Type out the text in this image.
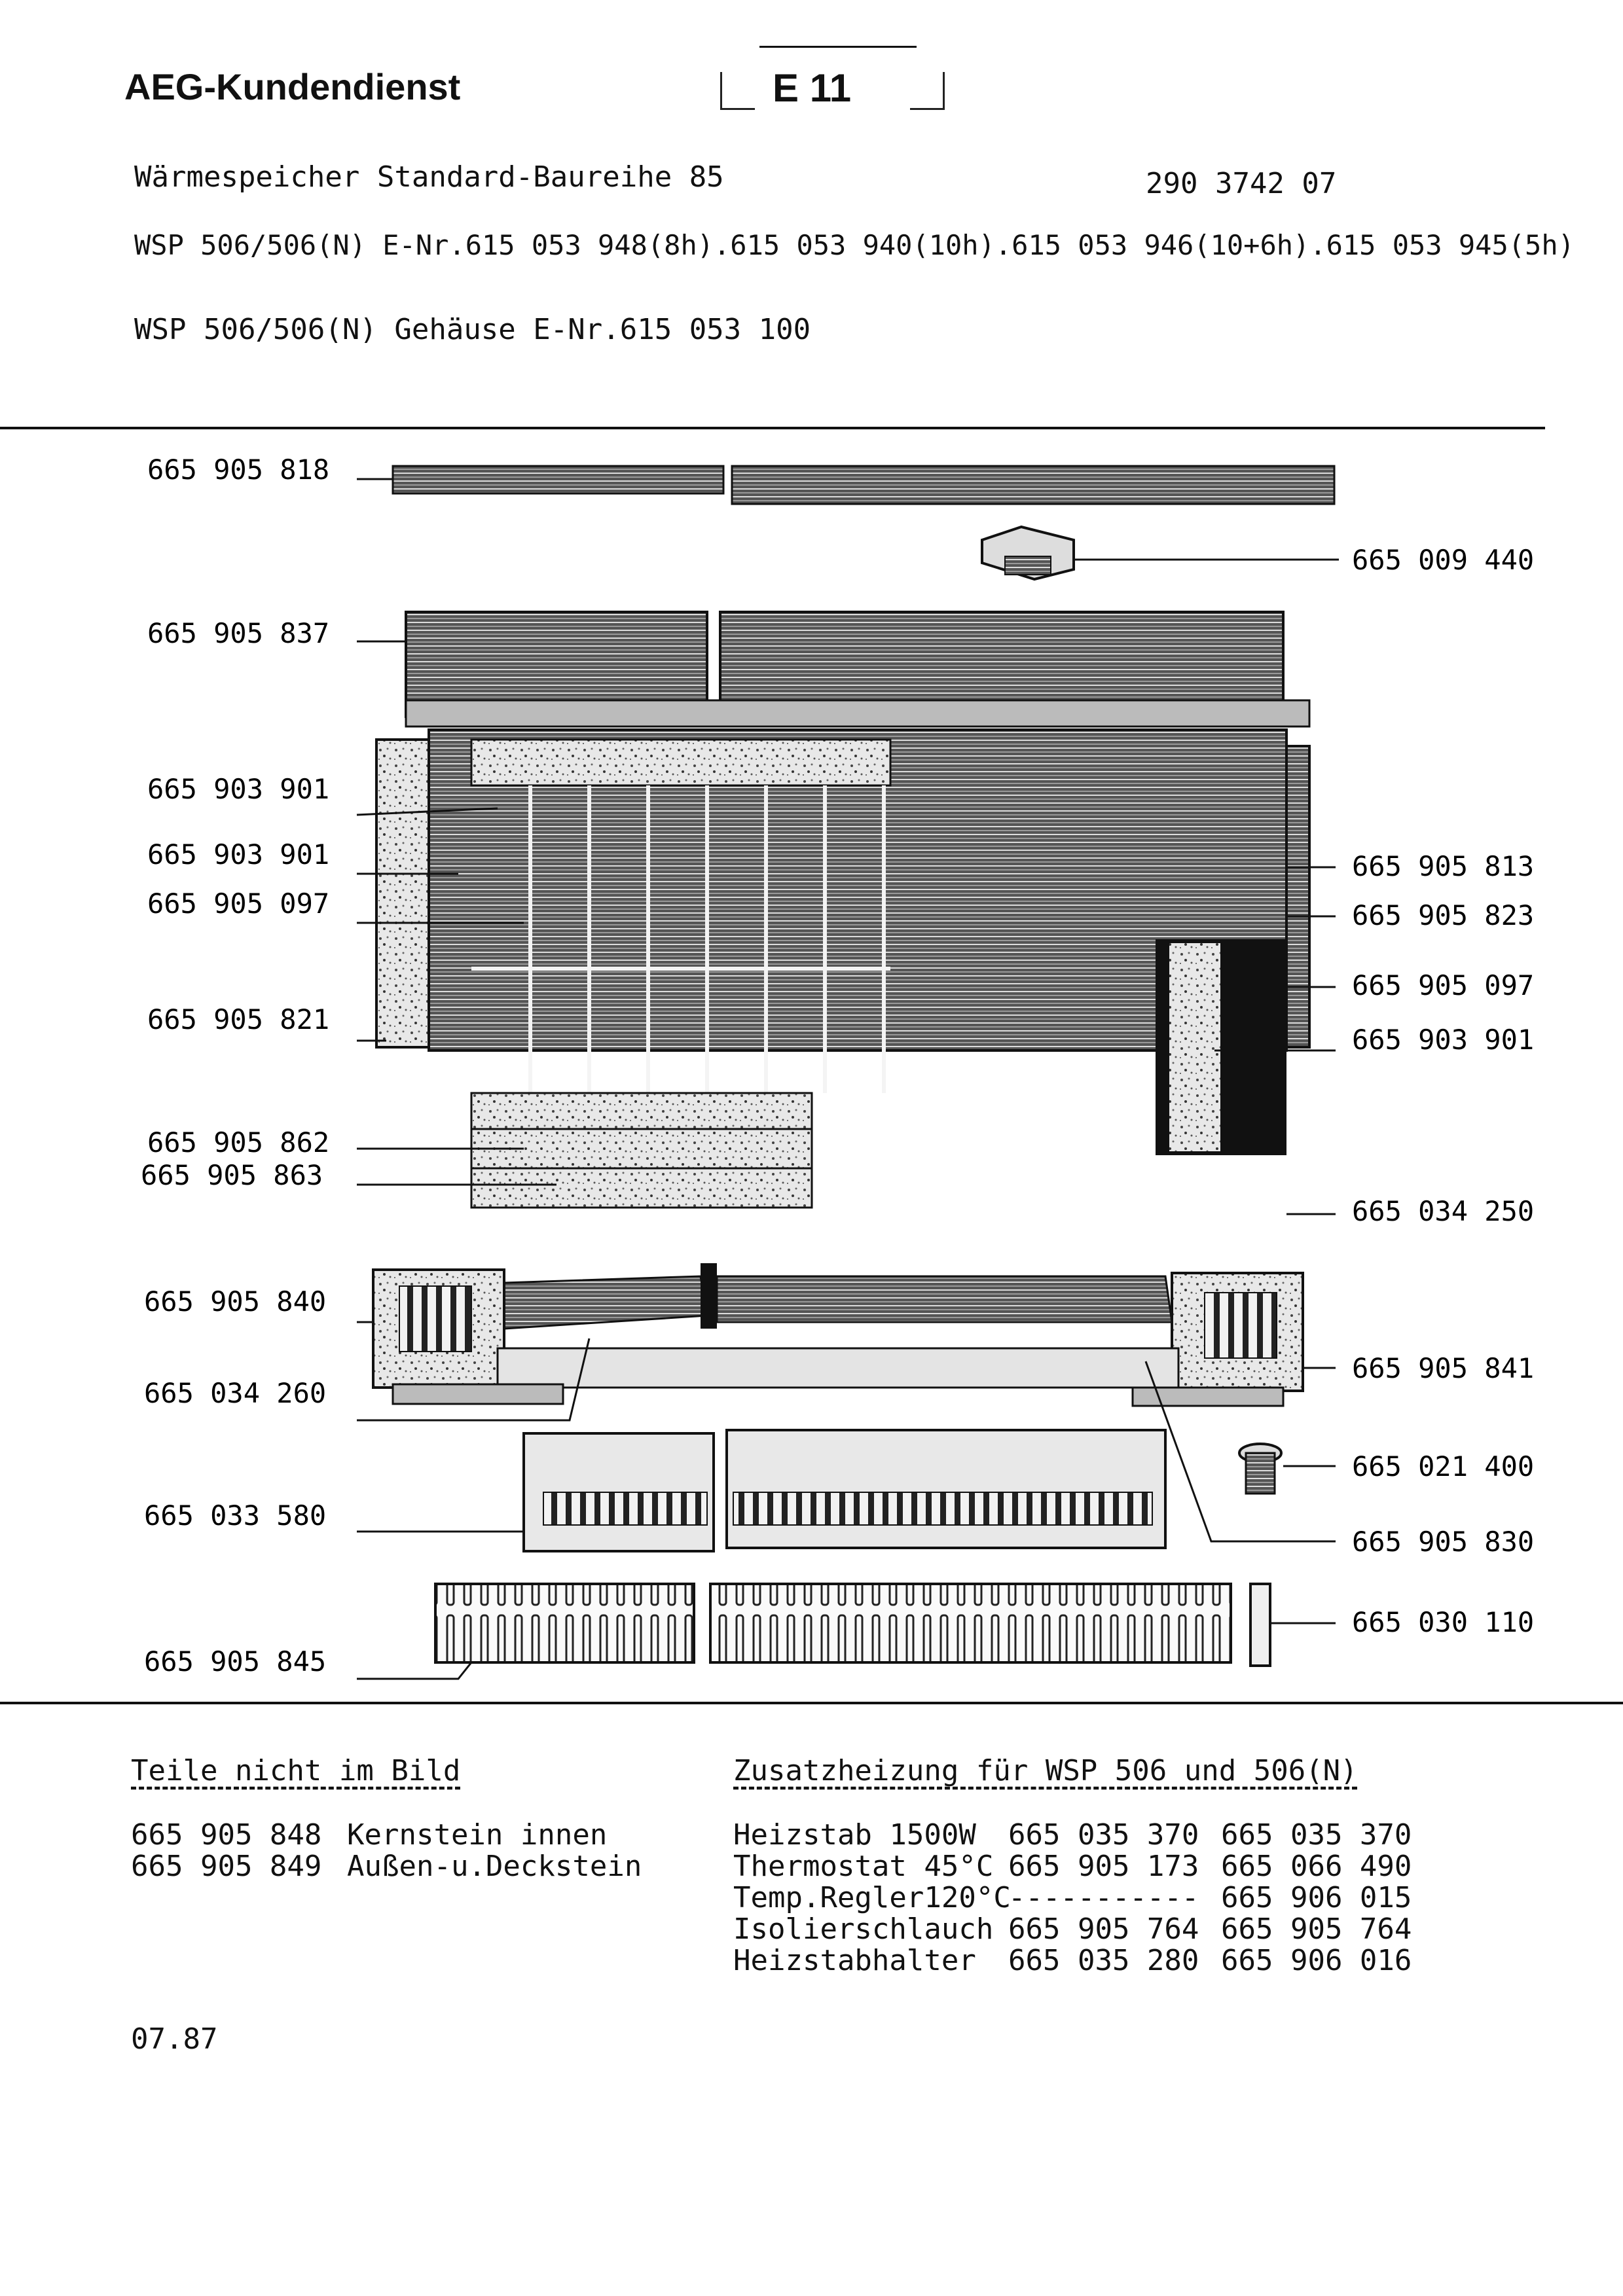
AEG-Kundendienst	E 11
Wärmespeicher Standard-Baureihe 85	290 3742 07
WSP 506/506(N) E-Nr.615 053 948(8h).615 053 940(10h).615 053 946(10+6h).615 053 945(5h)
WSP 506/506(N) Gehäuse E-Nr.615 053 100
665 905 818
665 905 837
665 903 901
665 903 901
665 905 097
665 905 821
665 905 862
665 905 863
665 905 840
665 034 260
665 033 580
665 905 845
665 009 440
665 905 813
665 905 823
665 905 097
665 903 901
665 034 250
665 905 841
665 021 400
665 905 830
665 030 110
Teile nicht im Bild
665 905 848 Kernstein innen
665 905 849 Außen-u.Deckstein
Zusatzheizung für WSP 506 und 506(N)
Heizstab 1500W 665 035 370 665 035 370
Thermostat 45°C 665 905 173 665 066 490
Temp.Regler120°C----------- 665 906 015
Isolierschlauch 665 905 764 665 905 764
Heizstabhalter 665 035 280 665 906 016
07.87
